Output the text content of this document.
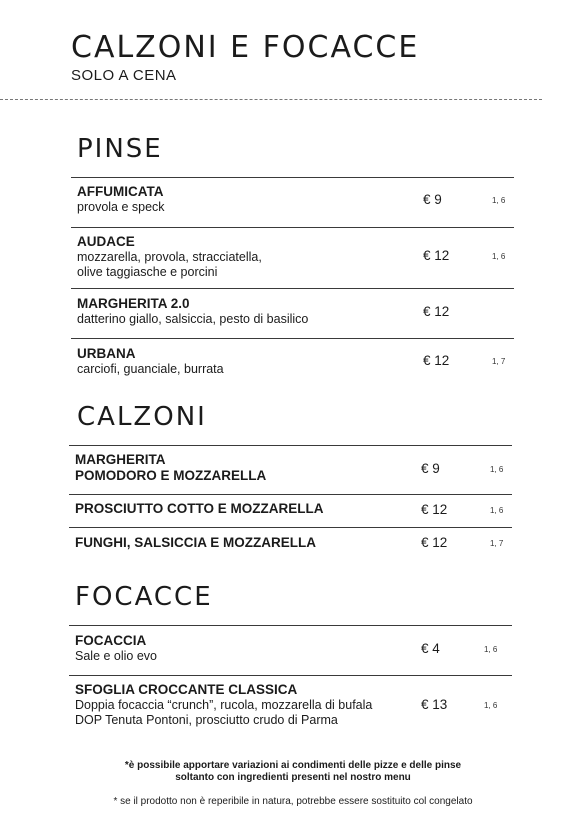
CALZONI E FOCACCE
SOLO A CENA
PINSE
AFFUMICATA
provola e speck	€ 9	1, 6
AUDACE
mozzarella, provola, stracciatella,
olive taggiasche e porcini
€ 12	1, 6
MARGHERITA 2.0
datterino giallo, salsiccia, pesto di basilico	€ 12
URBANA
carciofi, guanciale, burrata
€ 12	1, 7
CALZONI
MARGHERITA
POMODORO E MOZZARELLA	€ 9	1, 6
PROSCIUTTO COTTO E MOZZARELLA	€ 12	1, 6
FUNGHI, SALSICCIA E MOZZARELLA	€ 12	1, 7
FOCACCE
FOCACCIA
Sale e olio evo	€ 4	1, 6
SFOGLIA CROCCANTE CLASSICA
Doppia focaccia “crunch”, rucola, mozzarella di bufala
DOP Tenuta Pontoni, prosciutto crudo di Parma
€ 13	1, 6
*è possibile apportare variazioni ai condimenti delle pizze e delle pinse
soltanto con ingredienti presenti nel nostro menu
* se il prodotto non è reperibile in natura, potrebbe essere sostituito col congelato
